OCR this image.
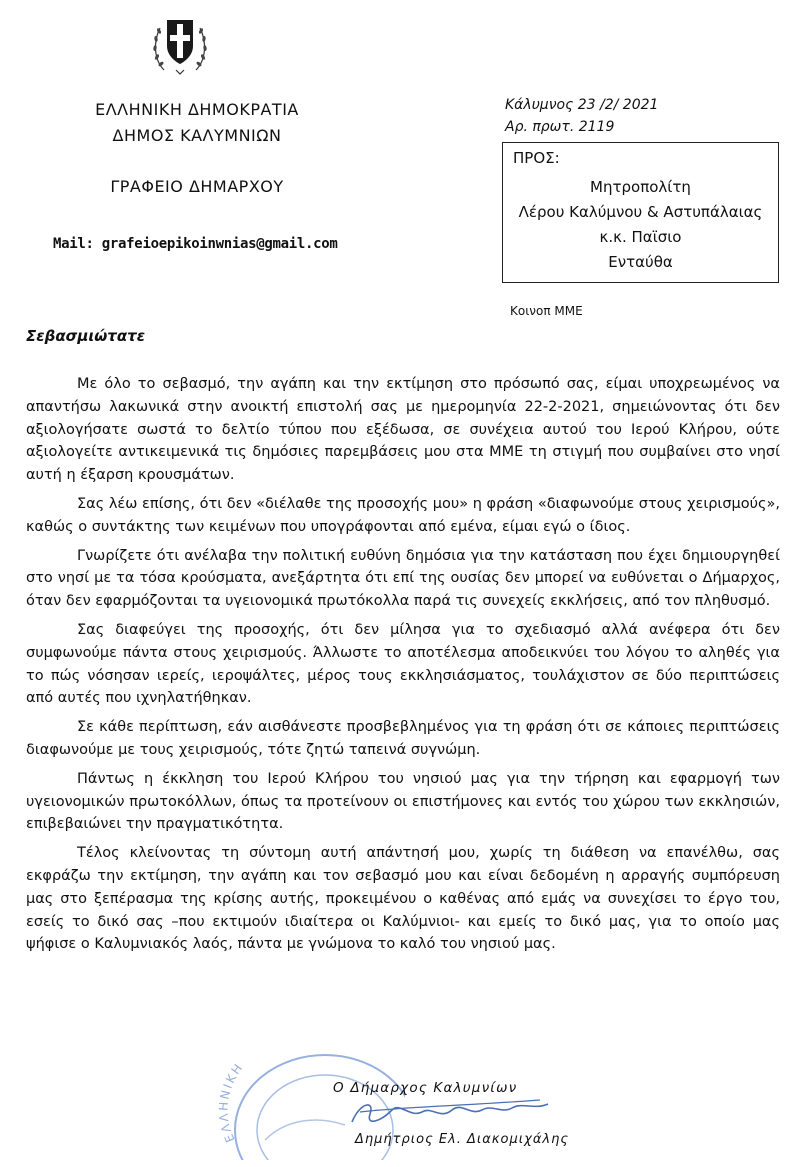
ΕΛΛΗΝΙΚΗ ΔΗΜΟΚΡΑΤΙΑ
ΔΗΜΟΣ ΚΑΛΥΜΝΙΩΝ
ΓΡΑΦΕΙΟ ΔΗΜΑΡΧΟΥ
Mail: grafeioepikoinwnias@gmail.com
Κάλυμνος 23 /2/ 2021
Αρ. πρωτ. 2119
ΠΡΟΣ:
Μητροπολίτη
Λέρου Καλύμνου & Αστυπάλαιας
κ.κ. Παϊσιο
Ενταύθα
Κοινοπ ΜΜΕ
Σεβασμιώτατε

Με όλο το σεβασμό, την αγάπη και την εκτίμηση στο πρόσωπό σας, είμαι υποχρεωμένος να απαντήσω λακωνικά στην ανοικτή επιστολή σας με ημερομηνία 22-2-2021, σημειώνοντας ότι δεν αξιολογήσατε σωστά το δελτίο τύπου που εξέδωσα, σε συνέχεια αυτού του Ιερού Κλήρου, ούτε αξιολογείτε αντικειμενικά τις δημόσιες παρεμβάσεις μου στα ΜΜΕ τη στιγμή που συμβαίνει στο νησί αυτή η έξαρση κρουσμάτων.

Σας λέω επίσης, ότι δεν «διέλαθε της προσοχής μου» η φράση «διαφωνούμε στους χειρισμούς», καθώς ο συντάκτης των κειμένων που υπογράφονται από εμένα, είμαι εγώ ο ίδιος.

Γνωρίζετε ότι ανέλαβα την πολιτική ευθύνη δημόσια για την κατάσταση που έχει δημιουργηθεί στο νησί με τα τόσα κρούσματα, ανεξάρτητα ότι επί της ουσίας δεν μπορεί να ευθύνεται ο Δήμαρχος, όταν δεν εφαρμόζονται τα υγειονομικά πρωτόκολλα παρά τις συνεχείς εκκλήσεις, από τον πληθυσμό.

Σας διαφεύγει της προσοχής, ότι δεν μίλησα για το σχεδιασμό αλλά ανέφερα ότι δεν συμφωνούμε πάντα στους χειρισμούς. Άλλωστε το αποτέλεσμα αποδεικνύει του λόγου το αληθές για το πώς νόσησαν ιερείς, ιεροψάλτες, μέρος τους εκκλησιάσματος, τουλάχιστον σε δύο περιπτώσεις από αυτές που ιχνηλατήθηκαν.

Σε κάθε περίπτωση, εάν αισθάνεστε προσβεβλημένος για τη φράση ότι σε κάποιες περιπτώσεις διαφωνούμε με τους χειρισμούς, τότε ζητώ ταπεινά συγνώμη.

Πάντως η έκκληση του Ιερού Κλήρου του νησιού μας για την τήρηση και εφαρμογή των υγειονομικών πρωτοκόλλων, όπως τα προτείνουν οι επιστήμονες και εντός του χώρου των εκκλησιών, επιβεβαιώνει την πραγματικότητα.

Τέλος κλείνοντας τη σύντομη αυτή απάντησή μου, χωρίς τη διάθεση να επανέλθω, σας εκφράζω την εκτίμηση, την αγάπη και τον σεβασμό μου και είναι δεδομένη η αρραγής συμπόρευση μας στο ξεπέρασμα της κρίσης αυτής, προκειμένου ο καθένας από εμάς να συνεχίσει το έργο του, εσείς το δικό σας –που εκτιμούν ιδιαίτερα οι Καλύμνιοι- και εμείς το δικό μας, για το οποίο μας ψήφισε ο Καλυμνιακός λαός, πάντα με γνώμονα το καλό του νησιού μας.

ΕΛΛΗΝΙΚΗ
Ο Δήμαρχος Καλυμνίων
Δημήτριος Ελ. Διακομιχάλης
